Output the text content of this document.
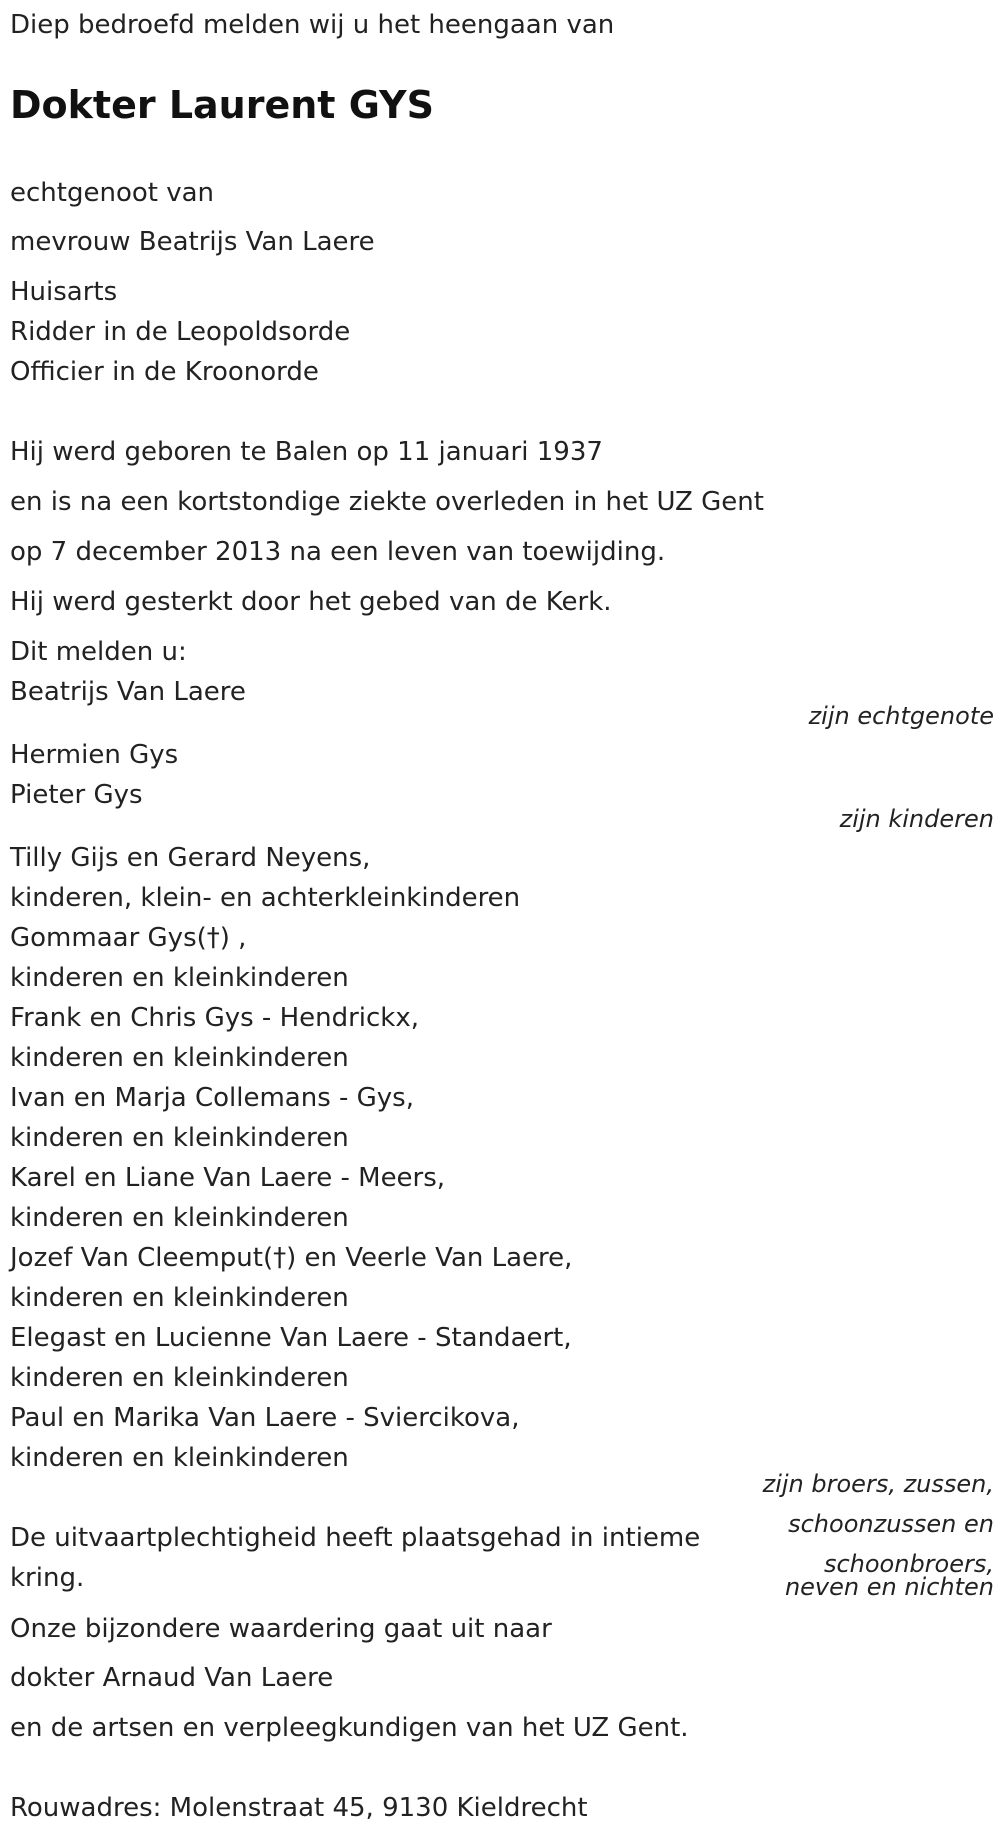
Diep bedroefd melden wij u het heengaan van
Dokter Laurent GYS
echtgenoot van
mevrouw Beatrijs Van Laere
Huisarts
Ridder in de Leopoldsorde
Officier in de Kroonorde
Hij werd geboren te Balen op 11 januari 1937
en is na een kortstondige ziekte overleden in het UZ Gent
op 7 december 2013 na een leven van toewijding.
Hij werd gesterkt door het gebed van de Kerk.
Dit melden u:
Beatrijs Van Laere
zijn echtgenote
Hermien Gys
Pieter Gys
zijn kinderen
Tilly Gijs en Gerard Neyens,
kinderen, klein- en achterkleinkinderen
Gommaar Gys(†) ,
kinderen en kleinkinderen
Frank en Chris Gys - Hendrickx,
kinderen en kleinkinderen
Ivan en Marja Collemans - Gys,
kinderen en kleinkinderen
Karel en Liane Van Laere - Meers,
kinderen en kleinkinderen
Jozef Van Cleemput(†) en Veerle Van Laere,
kinderen en kleinkinderen
Elegast en Lucienne Van Laere - Standaert,
kinderen en kleinkinderen
Paul en Marika Van Laere - Sviercikova,
kinderen en kleinkinderen
zijn broers, zussen,
schoonzussen en
schoonbroers,
neven en nichten
De uitvaartplechtigheid heeft plaatsgehad in intieme
kring.
Onze bijzondere waardering gaat uit naar
dokter Arnaud Van Laere
en de artsen en verpleegkundigen van het UZ Gent.
Rouwadres: Molenstraat 45, 9130 Kieldrecht
